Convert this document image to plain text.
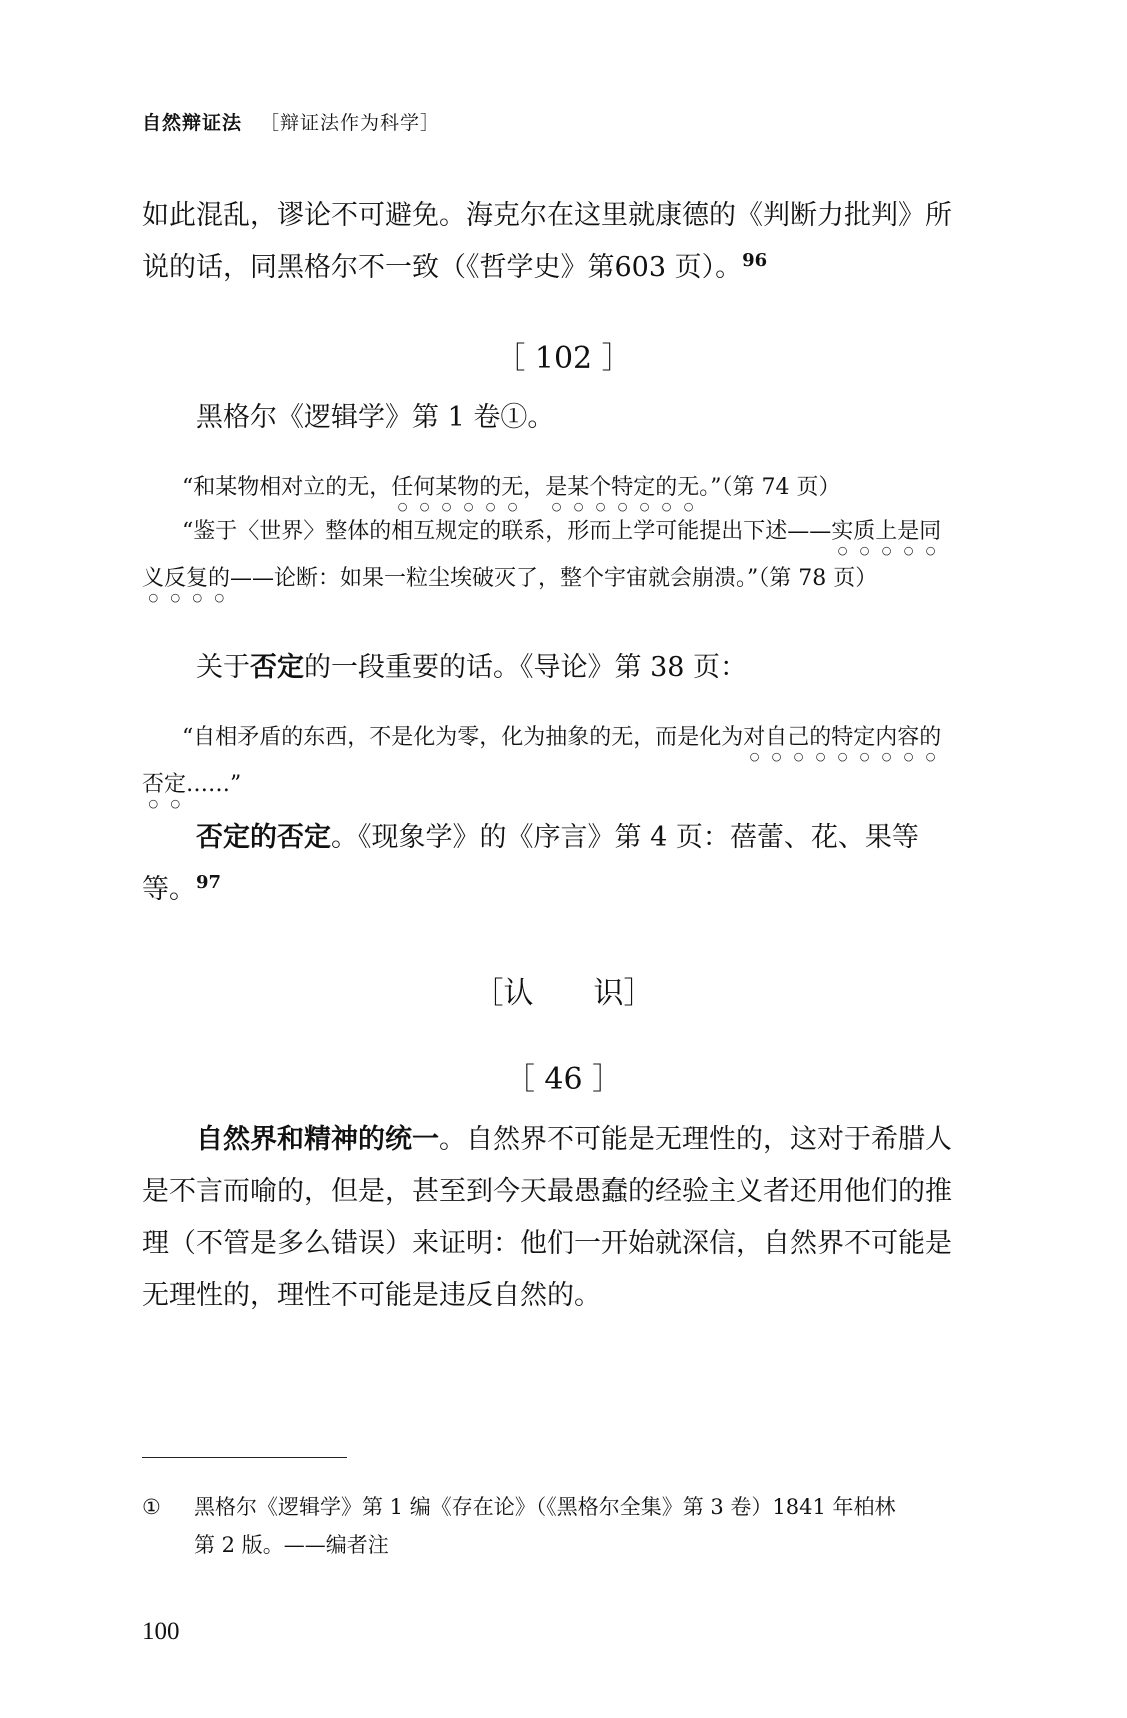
自然辩证法 ［辩证法作为科学］

如此混乱，谬论不可避免。海克尔在这里就康德的《判断力批判》所说的话，同黑格尔不一致（《哲学史》第603 页）。$^{96}$

［ 102 ］

黑格尔《逻辑学》第 1 卷①。

“和某物相对立的无，任何某物的无，是某个特定的无。”（第 74 页）

“鉴于〈世界〉整体的相互规定的联系，形而上学可能提出下述——实质上是同义反复的——论断：如果一粒尘埃破灭了，整个宇宙就会崩溃。”（第 78 页）

关于否定的一段重要的话。《导论》第 38 页：

“自相矛盾的东西，不是化为零，化为抽象的无，而是化为对自己的特定内容的否定……”

否定的否定。《现象学》的《序言》第 4 页：蓓蕾、花、果等等。$^{97}$

［认　　识］
［ 46 ］

自然界和精神的统一。自然界不可能是无理性的，这对于希腊人是不言而喻的，但是，甚至到今天最愚蠢的经验主义者还用他们的推理（不管是多么错误）来证明：他们一开始就深信，自然界不可能是无理性的，理性不可能是违反自然的。

① 黑格尔《逻辑学》第 1 编《存在论》（《黑格尔全集》第 3 卷）1841 年柏林
第 2 版。——编者注
100
